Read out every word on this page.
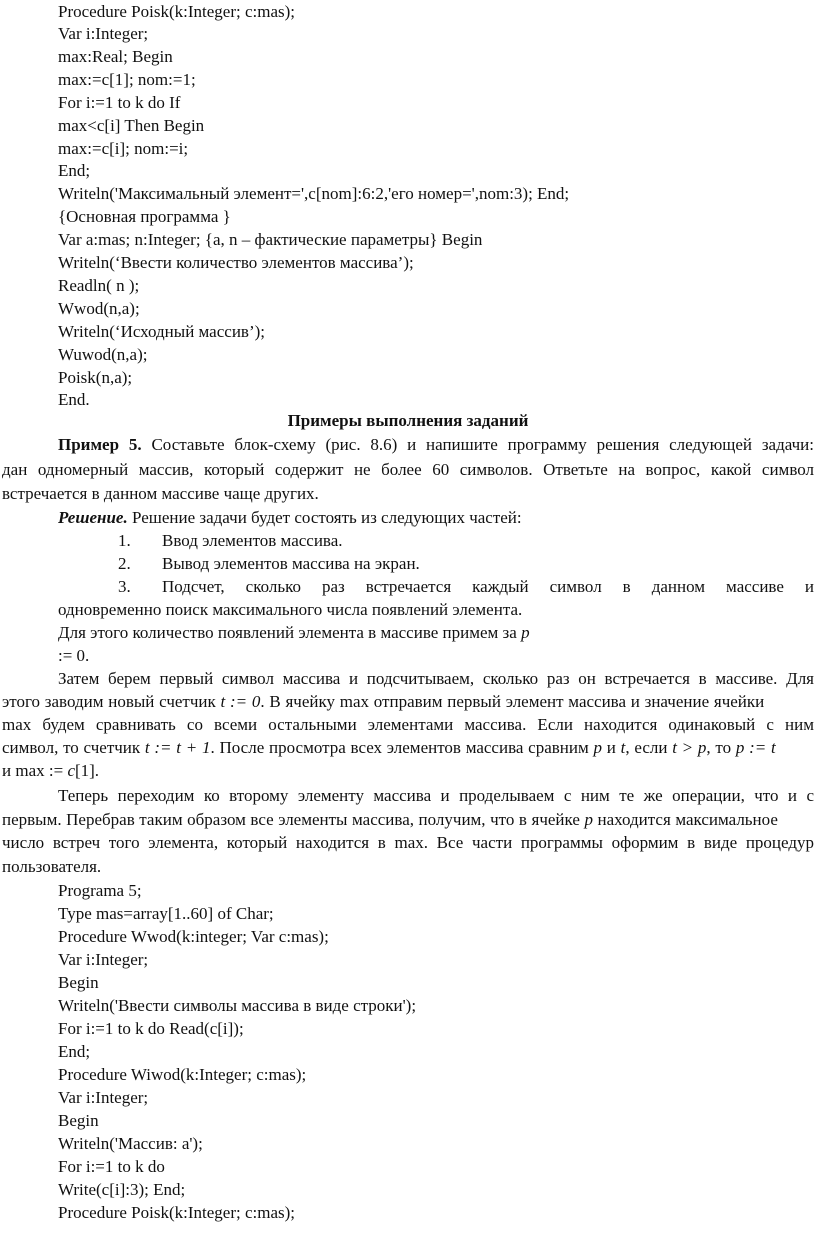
Procedure Poisk(k:Integer; c:mas);
Var i:Integer;
max:Real; Begin
max:=c[1]; nom:=1;
For i:=1 to k do If
max<c[i] Then Begin
max:=c[i]; nom:=i;
End;
Writeln('Максимальный элемент=',c[nom]:6:2,'его номер=',nom:3); End;
{Основная программа }
Var a:mas; n:Integer; {a, n – фактические параметры} Begin
Writeln(‘Ввести количество элементов массива’);
Readln( n );
Wwod(n,a);
Writeln(‘Исходный массив’);
Wuwod(n,a);
Poisk(n,a);
End.
Примеры выполнения заданий
Пример 5. Составьте блок-схему (рис. 8.6) и напишите программу решения следующей задачи:
дан одномерный массив, который содержит не более 60 символов. Ответьте на вопрос, какой символ
встречается в данном массиве чаще других.
Решение. Решение задачи будет состоять из следующих частей:
1. Ввод элементов массива.
2. Вывод элементов массива на экран.
3. Подсчет, сколько раз встречается каждый символ в данном массиве и
одновременно поиск максимального числа появлений элемента.
Для этого количество появлений элемента в массиве примем за p
:= 0.
Затем берем первый символ массива и подсчитываем, сколько раз он встречается в массиве. Для
этого заводим новый счетчик t := 0. В ячейку max отправим первый элемент массива и значение ячейки
max будем сравнивать со всеми остальными элементами массива. Если находится одинаковый с ним
символ, то счетчик t := t + 1. После просмотра всех элементов массива сравним p и t, если t > p, то p := t
и max := c[1].
Теперь переходим ко второму элементу массива и проделываем с ним те же операции, что и с
первым. Перебрав таким образом все элементы массива, получим, что в ячейке p находится максимальное
число встреч того элемента, который находится в max. Все части программы оформим в виде процедур
пользователя.
Programa 5;
Type mas=array[1..60] of Char;
Procedure Wwod(k:integer; Var c:mas);
Var i:Integer;
Begin
Writeln('Ввести символы массива в виде строки');
For i:=1 to k do Read(c[i]);
End;
Procedure Wiwod(k:Integer; c:mas);
Var i:Integer;
Begin
Writeln('Массив: a');
For i:=1 to k do
Write(c[i]:3); End;
Procedure Poisk(k:Integer; c:mas);
